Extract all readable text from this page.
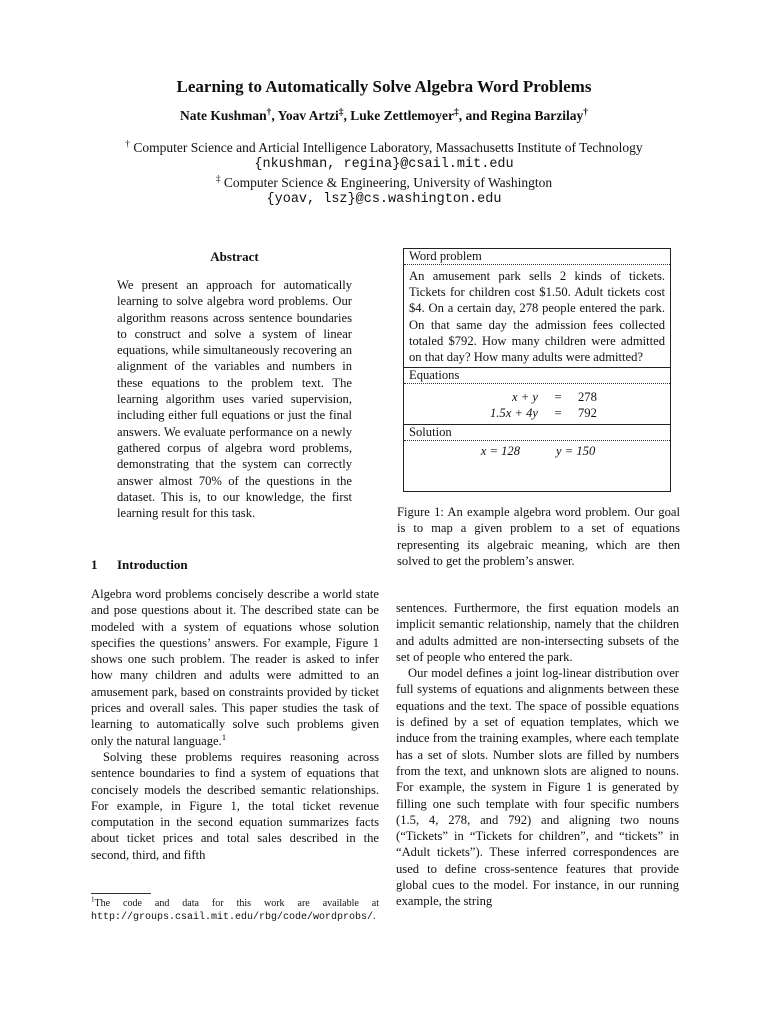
Learning to Automatically Solve Algebra Word Problems
Nate Kushman†, Yoav Artzi‡, Luke Zettlemoyer‡, and Regina Barzilay†
† Computer Science and Articial Intelligence Laboratory, Massachusetts Institute of Technology
{nkushman, regina}@csail.mit.edu
‡ Computer Science & Engineering, University of Washington
{yoav, lsz}@cs.washington.edu
Abstract

We present an approach for automatically learning to solve algebra word problems. Our algorithm reasons across sentence boundaries to construct and solve a system of linear equations, while simultaneously recovering an alignment of the variables and numbers in these equations to the problem text. The learning algorithm uses varied supervision, including either full equations or just the final answers. We evaluate performance on a newly gathered corpus of algebra word problems, demonstrating that the system can correctly answer almost 70% of the questions in the dataset. This is, to our knowledge, the first learning result for this task.

1 Introduction

Algebra word problems concisely describe a world state and pose questions about it. The described state can be modeled with a system of equations whose solution specifies the questions’ answers. For example, Figure 1 shows one such problem. The reader is asked to infer how many children and adults were admitted to an amusement park, based on constraints provided by ticket prices and overall sales. This paper studies the task of learning to automatically solve such problems given only the natural language.$^1$

Solving these problems requires reasoning across sentence boundaries to find a system of equations that concisely models the described semantic relationships. For example, in Figure 1, the total ticket revenue computation in the second equation summarizes facts about ticket prices and total sales described in the second, third, and fifth

$^1$The code and data for this work are available at http://groups.csail.mit.edu/rbg/code/wordprobs/.

Word problem
An amusement park sells 2 kinds of tickets. Tickets for children cost $1.50. Adult tickets cost $4. On a certain day, 278 people entered the park. On that same day the admission fees collected totaled $792. How many children were admitted on that day? How many adults were admitted?
Equations
x + y	=	278
1.5x + 4y	=	792
Solution
x = 128	y = 150

Figure 1: An example algebra word problem. Our goal is to map a given problem to a set of equations representing its algebraic meaning, which are then solved to get the problem’s answer.

sentences. Furthermore, the first equation models an implicit semantic relationship, namely that the children and adults admitted are non-intersecting subsets of the set of people who entered the park.

Our model defines a joint log-linear distribution over full systems of equations and alignments between these equations and the text. The space of possible equations is defined by a set of equation templates, which we induce from the training examples, where each template has a set of slots. Number slots are filled by numbers from the text, and unknown slots are aligned to nouns. For example, the system in Figure 1 is generated by filling one such template with four specific numbers (1.5, 4, 278, and 792) and aligning two nouns (“Tickets” in “Tickets for children”, and “tickets” in “Adult tickets”). These inferred correspondences are used to define cross-sentence features that provide global cues to the model. For instance, in our running example, the string
